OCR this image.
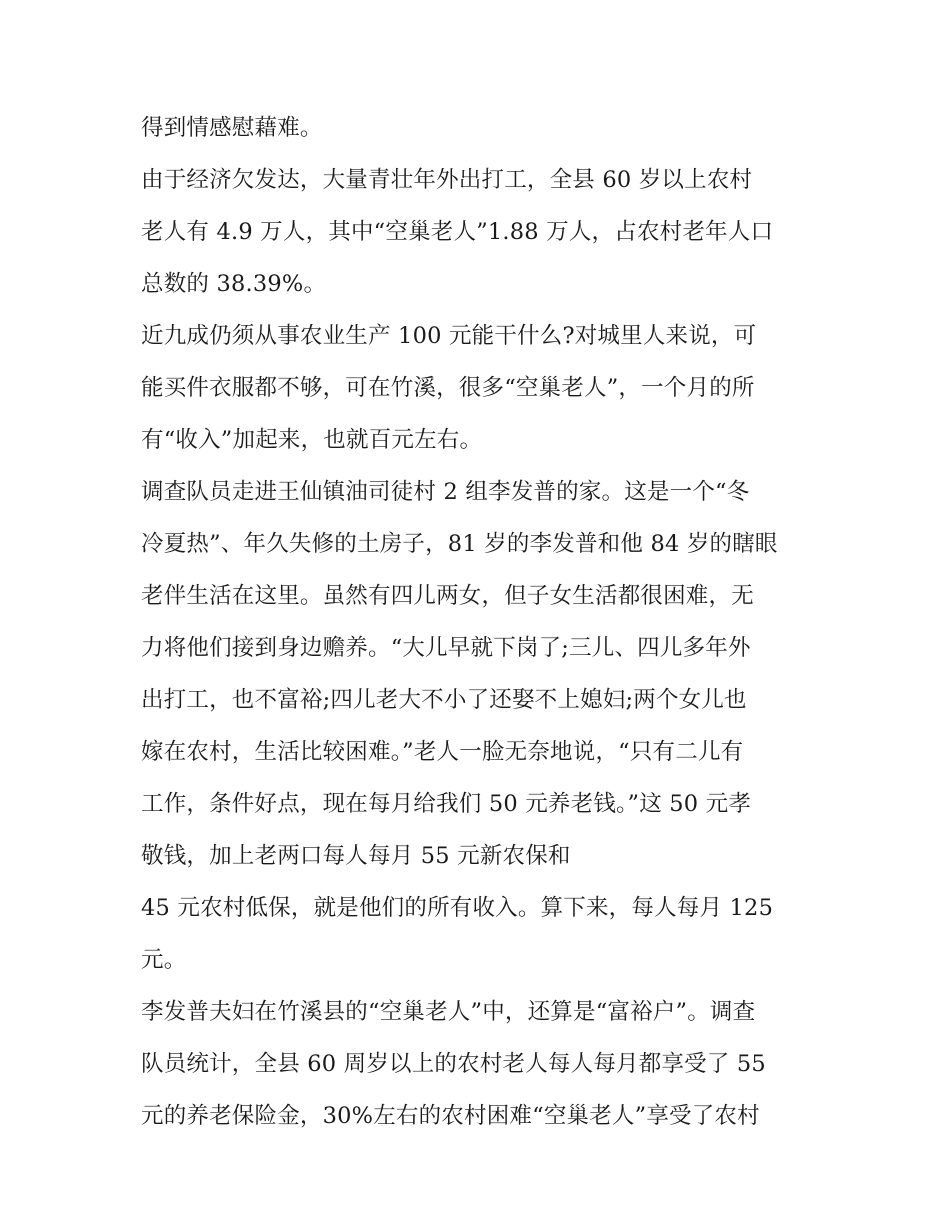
得到情感慰藉难。
由于经济欠发达，大量青壮年外出打工，全县 60 岁以上农村
老人有 4.9 万人，其中“空巢老人”1.88 万人，占农村老年人口
总数的 38.39%。
近九成仍须从事农业生产 100 元能干什么?对城里人来说，可
能买件衣服都不够，可在竹溪，很多“空巢老人”，一个月的所
有“收入”加起来，也就百元左右。
调查队员走进王仙镇油司徒村 2 组李发普的家。这是一个“冬
冷夏热”、年久失修的土房子，81 岁的李发普和他 84 岁的瞎眼
老伴生活在这里。虽然有四儿两女，但子女生活都很困难，无
力将他们接到身边赡养。“大儿早就下岗了;三儿、四儿多年外
出打工，也不富裕;四儿老大不小了还娶不上媳妇;两个女儿也
嫁在农村，生活比较困难。”老人一脸无奈地说，“只有二儿有
工作，条件好点，现在每月给我们 50 元养老钱。”这 50 元孝
敬钱，加上老两口每人每月 55 元新农保和
45 元农村低保，就是他们的所有收入。算下来，每人每月 125
元。
李发普夫妇在竹溪县的“空巢老人”中，还算是“富裕户”。调查
队员统计，全县 60 周岁以上的农村老人每人每月都享受了 55
元的养老保险金，30%左右的农村困难“空巢老人”享受了农村
